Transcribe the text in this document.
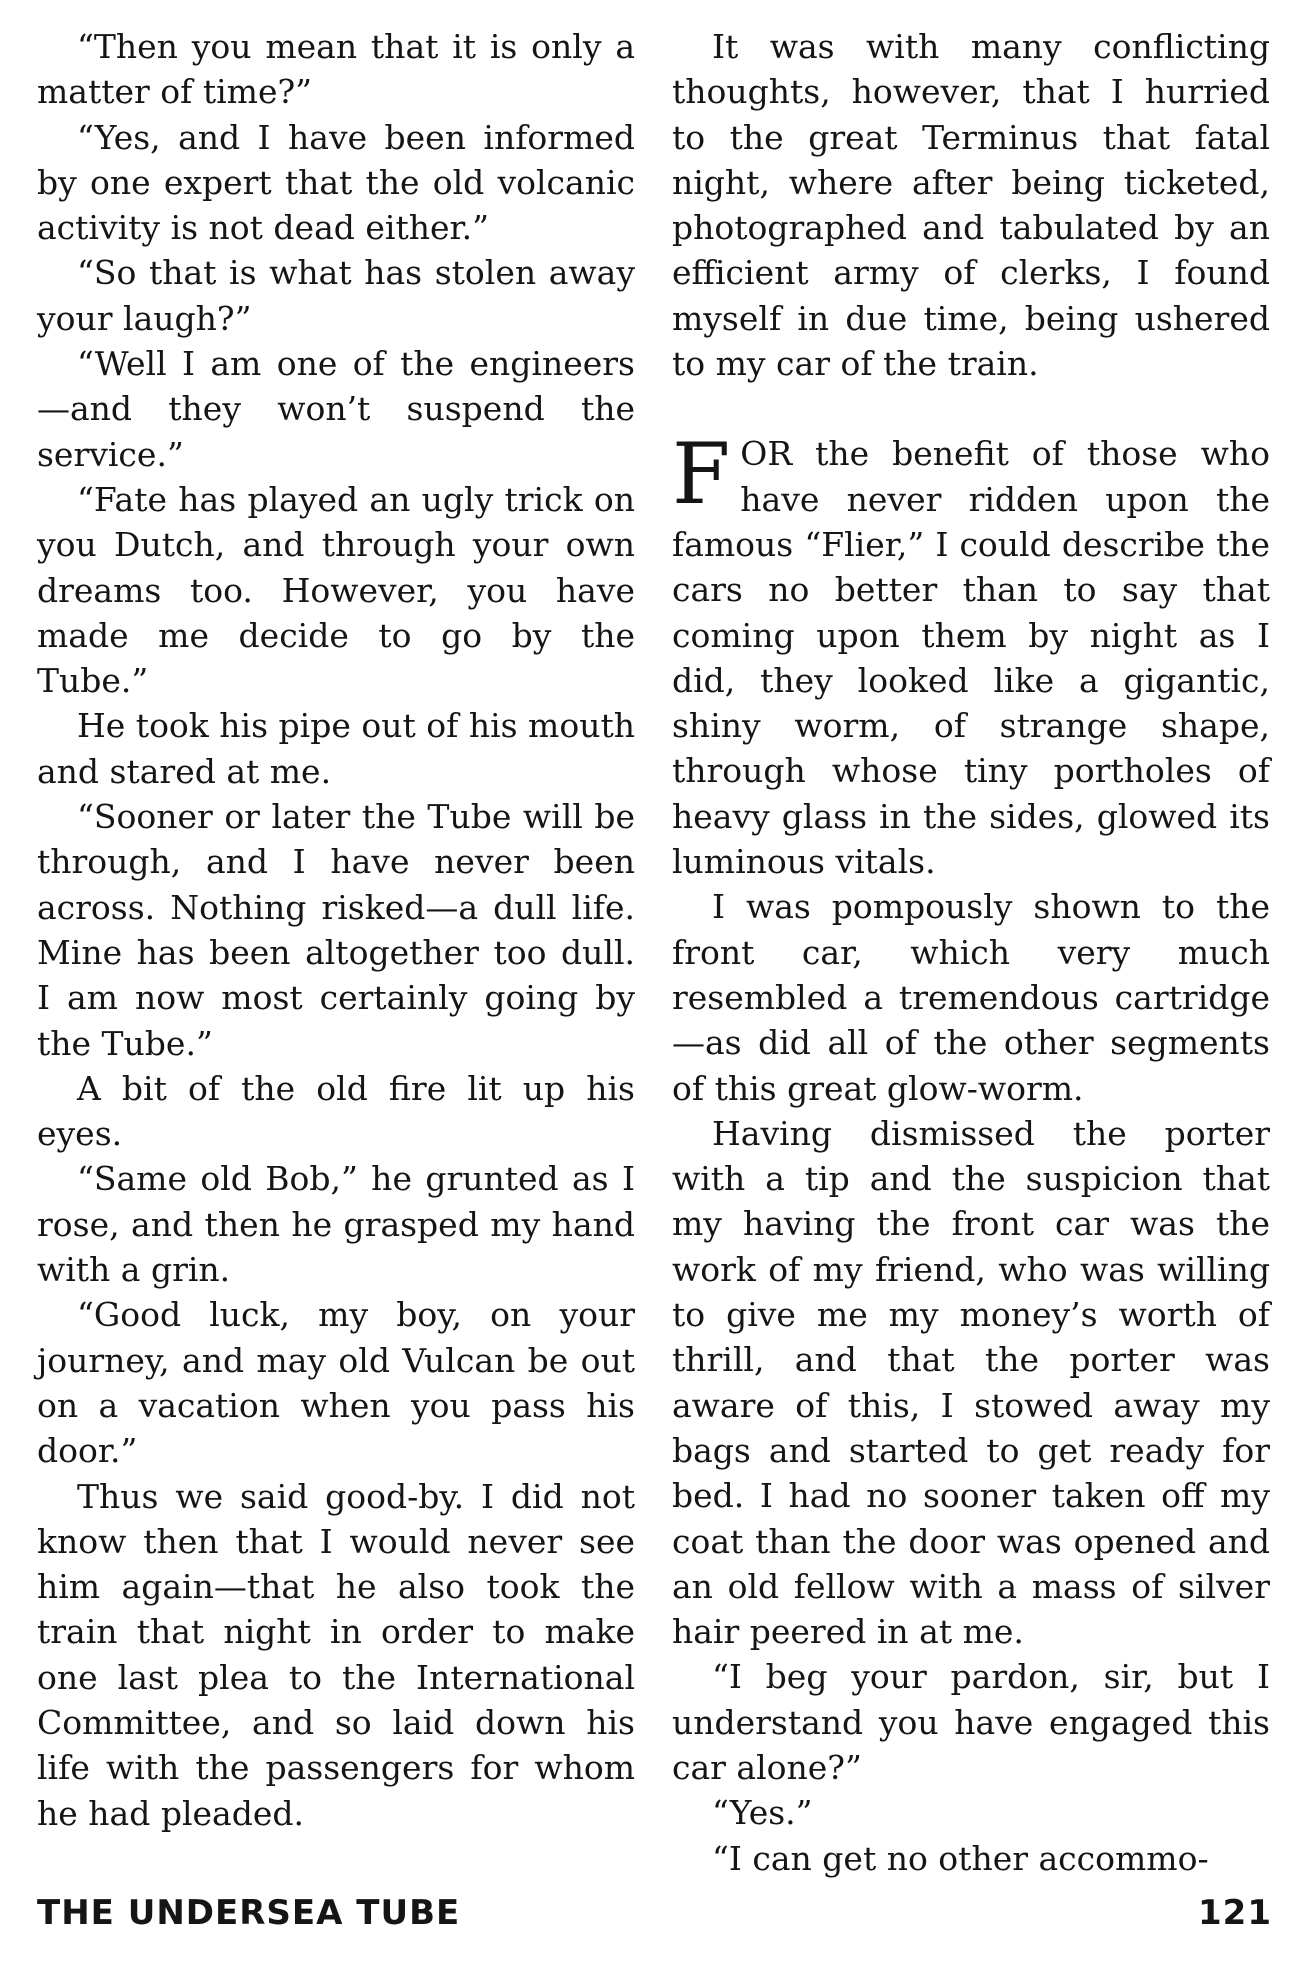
“Then you mean that it is only a matter of time?”

“Yes, and I have been informed by one expert that the old volcanic activity is not dead either.”

“So that is what has stolen away your laugh?”

“Well I am one of the engineers —and they won’t suspend the service.”

“Fate has played an ugly trick on you Dutch, and through your own dreams too. However, you have made me decide to go by the Tube.”

He took his pipe out of his mouth and stared at me.

“Sooner or later the Tube will be through, and I have never been across. Nothing risked—a dull life. Mine has been altogether too dull. I am now most certainly going by the Tube.”

A bit of the old fire lit up his eyes.

“Same old Bob,” he grunted as I rose, and then he grasped my hand with a grin.

“Good luck, my boy, on your journey, and may old Vulcan be out on a vacation when you pass his door.”

Thus we said good-by. I did not know then that I would never see him again—that he also took the train that night in order to make one last plea to the International Committee, and so laid down his life with the passengers for whom he had pleaded.

It was with many conflicting thoughts, however, that I hurried to the great Terminus that fatal night, where after being ticketed, photographed and tabulated by an efficient army of clerks, I found myself in due time, being ushered to my car of the train.

FOR the benefit of those who have never ridden upon the famous “Flier,” I could describe the cars no better than to say that coming upon them by night as I did, they looked like a gigantic, shiny worm, of strange shape, through whose tiny portholes of heavy glass in the sides, glowed its luminous vitals.

I was pompously shown to the front car, which very much resembled a tremendous cartridge —as did all of the other segments of this great glow-worm.

Having dismissed the porter with a tip and the suspicion that my having the front car was the work of my friend, who was willing to give me my money’s worth of thrill, and that the porter was aware of this, I stowed away my bags and started to get ready for bed. I had no sooner taken off my coat than the door was opened and an old fellow with a mass of silver hair peered in at me.

“I beg your pardon, sir, but I understand you have engaged this car alone?”

“Yes.”

“I can get no other accommo-

THE UNDERSEA TUBE	121
